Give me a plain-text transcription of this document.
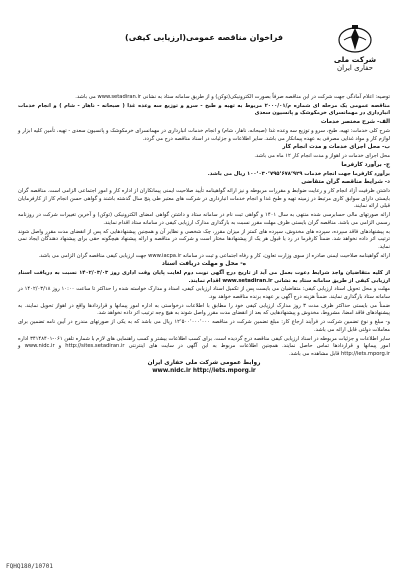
شرکت ملی
حفاری ایران
فراخوان مناقصه عمومی(ارزیابی کیفی)

توصیه: اعلام آمادگی جهت شرکت در این مناقصه صرفاً بصورت الکترونیکی(توکن) و از طریق سامانه ستاد به نشانی www.setadiran.ir می باشد.

مناقصه عمومی یک مرحله ای شماره م/۲۰۰۰/۰۱ مربوط به تهیه و طبخ - سرو و توزیع سه وعده غذا ( صبحانه - ناهار - شام ) و انجام خدمات انبارداری در مهمانسرای خرمکوشک و پانسیون سعدی

الف- شرح مختصر خدمات

شرح کلی خدمات: تهیه، طبخ، سرو و توزیع سه وعده غذا (صبحانه، ناهار، شام) و انجام خدمات انبارداری در مهمانسرای خرمکوشک و پانسیون سعدی - تهیه، تأمین کلیه ابزار و لوازم کار و مواد غذایی مصرفی به عهده پیمانکار می باشد. سایر اطلاعات و جزئیات در اسناد مناقصه درج می گردد.

ب- محل اجرای خدمات و مدت انجام کار

محل اجرای خدمات در اهواز و مدت انجام کار ۱۲ ماه می باشد.

ج- برآورد کارفرما

برآورد کارفرما جهت انجام خدمات ۱۰۰٬۰۳۰٬۷۹۵٬۶۷۸٬۹۲۹ ریال می باشد.

د- شرایط مناقصه گران متقاضی

داشتن ظرفیت آزاد انجام کار و رعایت ضوابط و مقررات مربوطه و نیز ارائه گواهینامه تأیید صلاحیت ایمنی پیمانکاران از اداره کار و امور اجتماعی الزامی است. مناقصه گران بایستی دارای سوابق کاری مرتبط در زمینه تهیه و طبخ غذا و انجام خدمات انبارداری در شرکت های معتبر طی پنج سال گذشته باشند و گواهی حسن انجام کار از کارفرمایان قبلی ارائه نمایند.

ارائه صورتهای مالی حسابرسی شده منتهی به سال ۱۴۰۱ و گواهی ثبت نام در سامانه ستاد و داشتن گواهی امضای الکترونیکی (توکن) و آخرین تغییرات شرکت در روزنامه رسمی الزامی می باشد. مناقصه گران بایستی ظرف مهلت مقرر نسبت به بارگذاری مدارک ارزیابی کیفی در سامانه ستاد اقدام نمایند.

به پیشنهادهای فاقد سپرده، سپرده های مخدوش، سپرده های کمتر از میزان مقرر، چک شخصی و نظایر آن و همچنین پیشنهادهایی که پس از انقضای مدت مقرر واصل شوند ترتیب اثر داده نخواهد شد. ضمناً کارفرما در رد یا قبول هر یک از پیشنهادها مختار است و شرکت در مناقصه و ارائه پیشنهاد هیچگونه حقی برای پیشنهاد دهندگان ایجاد نمی نماید.

ارائه گواهینامه صلاحیت ایمنی صادره از سوی وزارت تعاون، کار و رفاه اجتماعی و ثبت در سامانه www.iacpa.ir جهت ارزیابی کیفی مناقصه گران الزامی می باشد.

ه- محل و مهلت دریافت اسناد

از کلیه متقاضیان واجد شرایط دعوت بعمل می آید از تاریخ درج آگهی نوبت دوم لغایت پایان وقت اداری روز ۱۴۰۲/۰۳/۰۳ نسبت به دریافت اسناد ارزیابی کیفی از طریق سامانه ستاد به نشانی www.setadiran.ir اقدام نمایند.

مهلت و محل تحویل اسناد ارزیابی کیفی: متقاضیان می بایست پس از تکمیل اسناد ارزیابی کیفی، اسناد و مدارک خواسته شده را حداکثر تا ساعت ۱۰:۰۰ روز ۱۴۰۲/۰۳/۱۸ در سامانه ستاد بارگذاری نمایند. ضمناً هزینه درج آگهی بر عهده برنده مناقصه خواهد بود.

ضمناً می بایستی حداکثر ظرف مدت ۳ روز مدارک ارزیابی کیفی خود را مطابق با اطلاعات درخواستی به اداره امور پیمانها و قراردادها واقع در اهواز تحویل نمایند. به پیشنهادهای فاقد امضا، مشروط، مخدوش و پیشنهادهایی که بعد از انقضای مدت مقرر واصل شوند به هیچ وجه ترتیب اثر داده نخواهد شد.

و- مبلغ و نوع تضمین شرکت در فرآیند ارجاع کار: مبلغ تضمین شرکت در مناقصه ۱۲٬۵۰۰٬۰۰۰٬۰۰۰ ریال می باشد که به یکی از صورتهای مندرج در آیین نامه تضمین برای معاملات دولتی قابل ارائه می باشد.

سایر اطلاعات و جزئیات مربوطه در اسناد ارزیابی کیفی مناقصه درج گردیده است. برای کسب اطلاعات بیشتر و کسب راهنمایی های لازم با شماره تلفن ۰۶۱-۳۴۱۴۸۴۰۱ اداره امور پیمانها و قراردادها تماس حاصل نمایند. همچنین اطلاعات مربوط به این آگهی در سایت های اینترنتی http://sites.setadiran.ir و www.nidc.ir و http://iets.mporg.ir قابل مشاهده می باشد.

روابط عمومی شرکت ملی حفاری ایران

www.nidc.ir http://iets.mporg.ir

FQHQ180/10701
